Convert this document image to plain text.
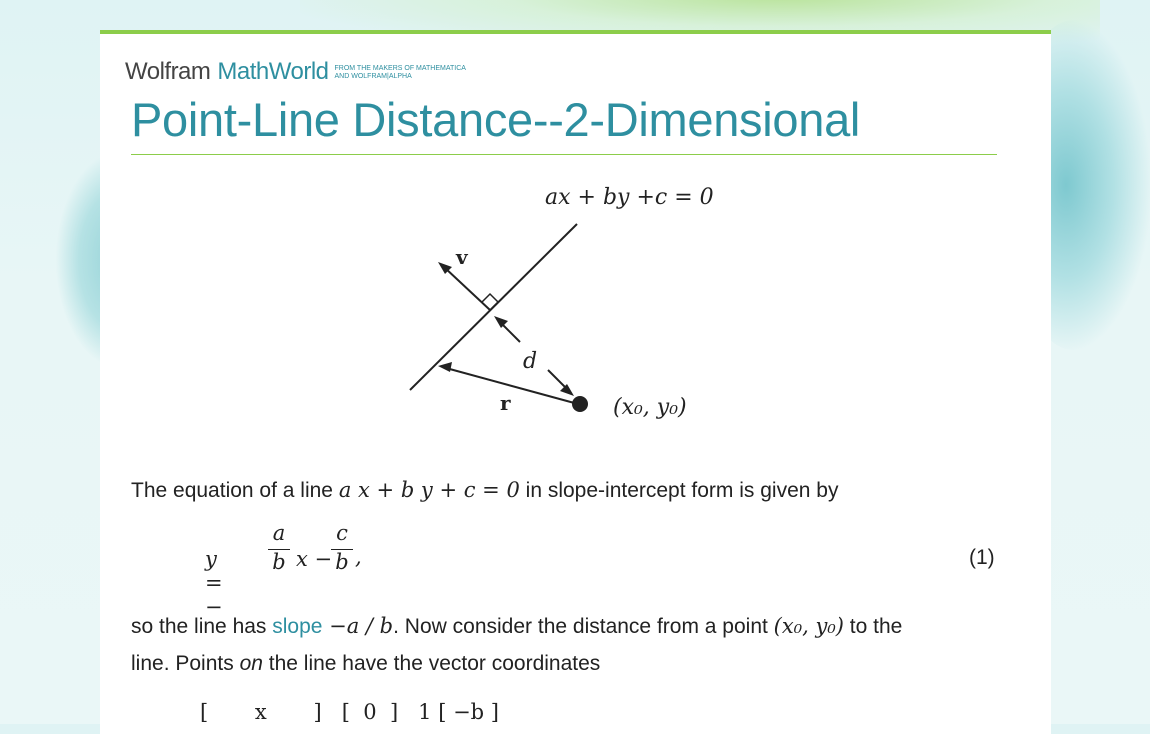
Wolfram MathWorld FROM THE MAKERS OF MATHEMATICA
AND WOLFRAM|ALPHA
Point-Line Distance--2-Dimensional
ax + by +c = 0
v
d
r	(x₀, y₀)
The equation of a line a x + b y + c = 0 in slope-intercept form is given by
y = −
a
b x −
c
b ,	(1)
so the line has slope −a / b. Now consider the distance from a point (x₀, y₀) to the
line. Points on the line have the vector coordinates
[       x       ]   [  0  ]   1 [ −b ]
